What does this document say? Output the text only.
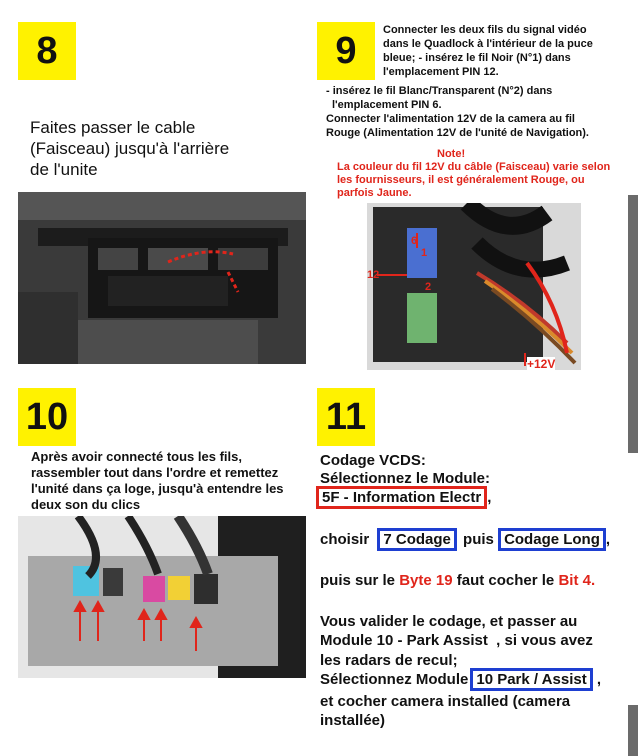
8
Faites passer le cable (Faisceau) jusqu'à l'arrière de l'unite
9	Connecter les deux fils du signal vidéo
dans le Quadlock à l'intérieur de la puce
bleue; - insérez le fil Noir (N°1) dans
l'emplacement PIN 12.
- insérez le fil Blanc/Transparent (N°2) dans
l'emplacement PIN 6.
Connecter l'alimentation 12V de la camera au fil
Rouge (Alimentation 12V de l'unité de Navigation).
Note!
La couleur du fil 12V du câble (Faisceau) varie selon
les fournisseurs, il est généralement Rouge, ou
parfois Jaune.
12
6
1
2
+12V
10
Après avoir connecté tous les fils, rassembler tout dans l'ordre et remettez l'unité dans ça loge, jusqu'à entendre les deux son du clics
11
Codage VCDS:
Sélectionnez le Module:
5F - Information Electr ,
choisir 7 Codage puis Codage Long ,
puis sur le Byte 19 faut cocher le Bit 4.
Vous valider le codage, et passer au
Module 10 - Park Assist  , si vous avez
les radars de recul;
Sélectionnez Module 10 Park / Assist ,
et cocher camera installed (camera
installée)
